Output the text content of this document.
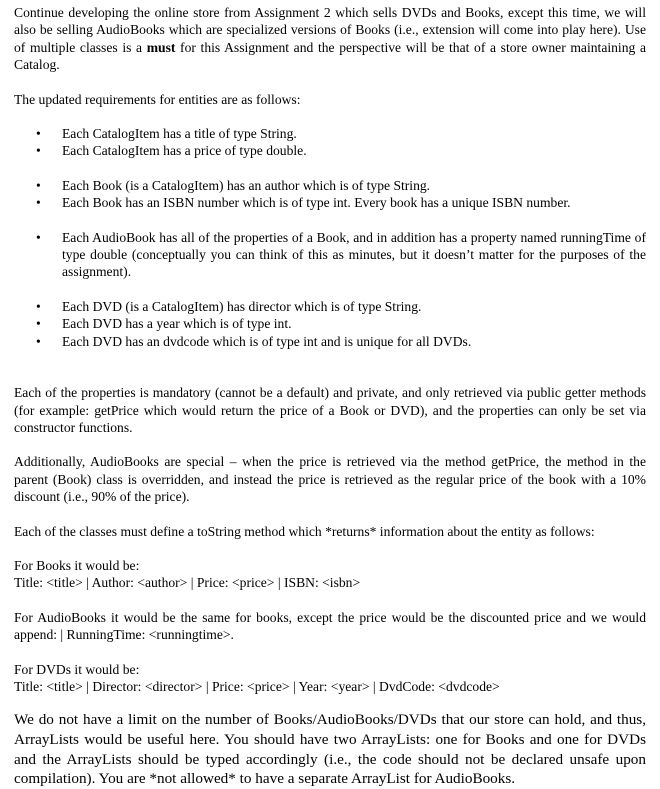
Continue developing the online store from Assignment 2 which sells DVDs and Books, except this time, we will also be selling AudioBooks which are specialized versions of Books (i.e., extension will come into play here). Use of multiple classes is a must for this Assignment and the perspective will be that of a store owner maintaining a Catalog.

The updated requirements for entities are as follows:

• Each CatalogItem has a title of type String.
• Each CatalogItem has a price of type double.
• Each Book (is a CatalogItem) has an author which is of type String.
• Each Book has an ISBN number which is of type int. Every book has a unique ISBN number.
• Each AudioBook has all of the properties of a Book, and in addition has a property named runningTime of type double (conceptually you can think of this as minutes, but it doesn’t matter for the purposes of the assignment).
• Each DVD (is a CatalogItem) has director which is of type String.
• Each DVD has a year which is of type int.
• Each DVD has an dvdcode which is of type int and is unique for all DVDs.

Each of the properties is mandatory (cannot be a default) and private, and only retrieved via public getter methods (for example: getPrice which would return the price of a Book or DVD), and the properties can only be set via constructor functions.

Additionally, AudioBooks are special – when the price is retrieved via the method getPrice, the method in the parent (Book) class is overridden, and instead the price is retrieved as the regular price of the book with a 10% discount (i.e., 90% of the price).

Each of the classes must define a toString method which *returns* information about the entity as follows:

For Books it would be:

Title: <title> | Author: <author> | Price: <price> | ISBN: <isbn>

For AudioBooks it would be the same for books, except the price would be the discounted price and we would append: | RunningTime: <runningtime>.

For DVDs it would be:

Title: <title> | Director: <director> | Price: <price> | Year: <year> | DvdCode: <dvdcode>

We do not have a limit on the number of Books/AudioBooks/DVDs that our store can hold, and thus, ArrayLists would be useful here. You should have two ArrayLists: one for Books and one for DVDs and the ArrayLists should be typed accordingly (i.e., the code should not be declared unsafe upon compilation). You are *not allowed* to have a separate ArrayList for AudioBooks.
